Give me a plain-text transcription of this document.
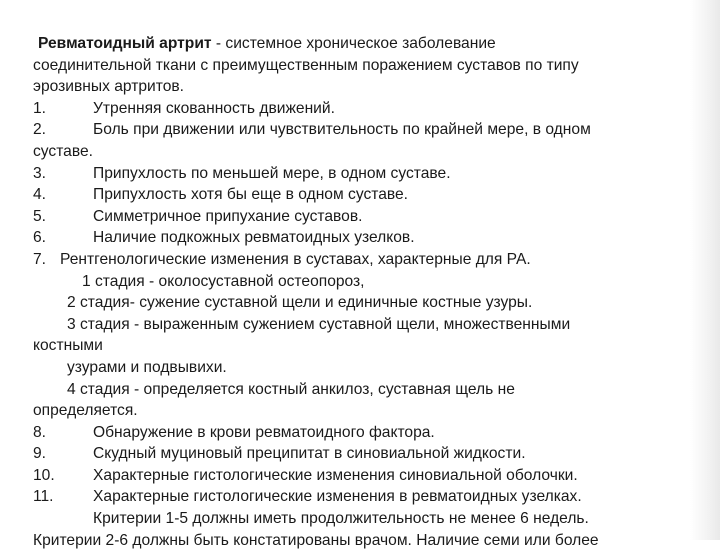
Ревматоидный артрит - системное хроническое заболевание
соединительной ткани с преимущественным поражением суставов по типу
эрозивных артритов.
1.	Утренняя скованность движений.
2.	Боль при движении или чувствительность по крайней мере, в одном
суставе.
3.	Припухлость по меньшей мере, в одном суставе.
4.	Припухлость хотя бы еще в одном суставе.
5.	Симметричное припухание суставов.
6.	Наличие подкожных ревматоидных узелков.
7. Рентгенологические изменения в суставах, характерные для РА.
1 стадия - околосуставной остеопороз,
2 стадия- сужение суставной щели и единичные костные узуры.
3 стадия - выраженным сужением суставной щели, множественными
костными
узурами и подвывихи.
4 стадия - определяется костный анкилоз, суставная щель не
определяется.
8.	Обнаружение в крови ревматоидного фактора.
9.	Скудный муциновый преципитат в синовиальной жидкости.
10. Характерные гистологические изменения синовиальной оболочки.
11.	Характерные гистологические изменения в ревматоидных узелках.
Критерии 1-5 должны иметь продолжительность не менее 6 недель.
Критерии 2-6 должны быть констатированы врачом. Наличие семи или более
